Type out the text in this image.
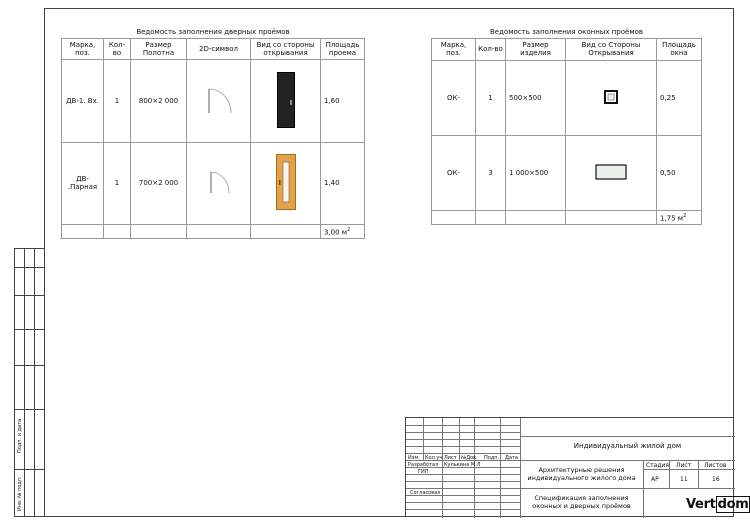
Ведомость заполнения дверных проёмов					
Марка, поз.	Кол-во	Размер Полотна	2D-символ	Вид со стороны открывания	Площадь проема
ДВ-1. Вх.	1	800×2 000			1,60
ДВ- .Парная	1	700×2 000			1,40
					3,00 $м^2$
Ведомость заполнения оконных проёмов				
Марка, поз.	Кол-во	Размер изделия	Вид со Стороны Открывания	Площадь окна
ОК-	1	500×500		0,25
ОК-	3	1 000×500		0,50
				1,75 $м^2$
Подп. и дата
Инв. № подл.
Изм. Кол.уч Лист №Док. Подп. Дата
Разработал
ГИП
Кулькина М.Л
Согласовал
Индивидуальный жилой дом
Архитектурные решения индивидуального жилого дома
Спецификация заполнения оконных и дверных проёмов
Стадия Лист Листов
АР	11	16
Vert dom
